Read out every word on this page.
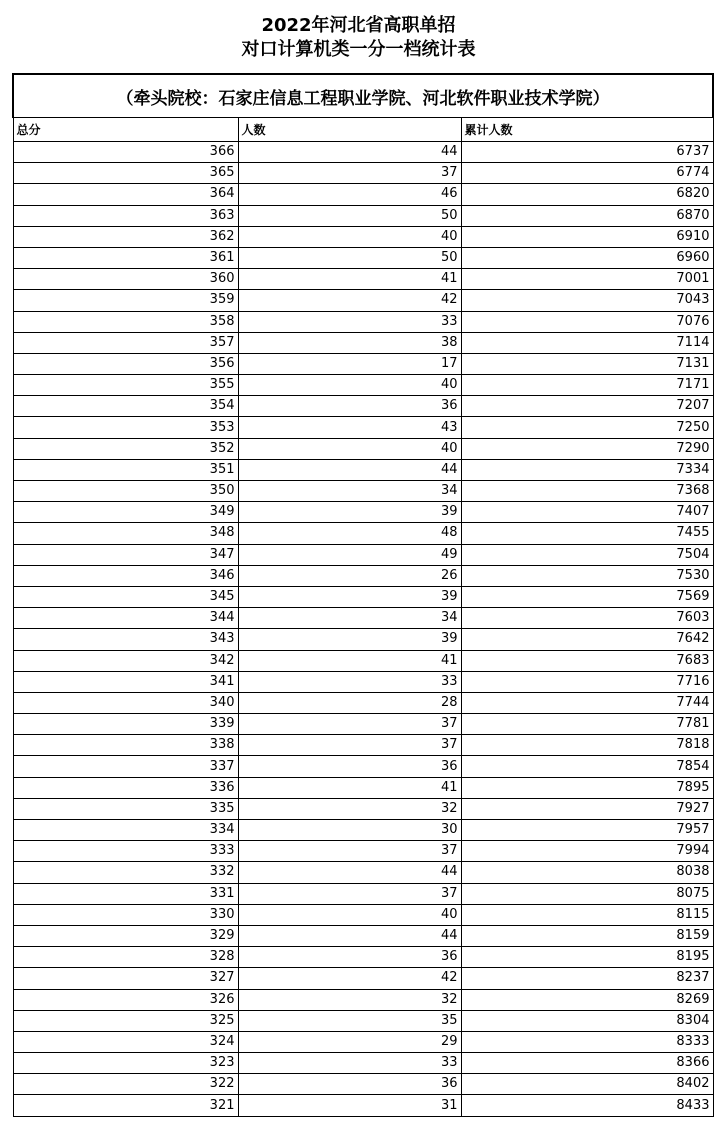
2022年河北省高职单招
对口计算机类一分一档统计表
（牵头院校：石家庄信息工程职业学院、河北软件职业技术学院）		
总分	人数	累计人数
366	44	6737
365	37	6774
364	46	6820
363	50	6870
362	40	6910
361	50	6960
360	41	7001
359	42	7043
358	33	7076
357	38	7114
356	17	7131
355	40	7171
354	36	7207
353	43	7250
352	40	7290
351	44	7334
350	34	7368
349	39	7407
348	48	7455
347	49	7504
346	26	7530
345	39	7569
344	34	7603
343	39	7642
342	41	7683
341	33	7716
340	28	7744
339	37	7781
338	37	7818
337	36	7854
336	41	7895
335	32	7927
334	30	7957
333	37	7994
332	44	8038
331	37	8075
330	40	8115
329	44	8159
328	36	8195
327	42	8237
326	32	8269
325	35	8304
324	29	8333
323	33	8366
322	36	8402
321	31	8433
